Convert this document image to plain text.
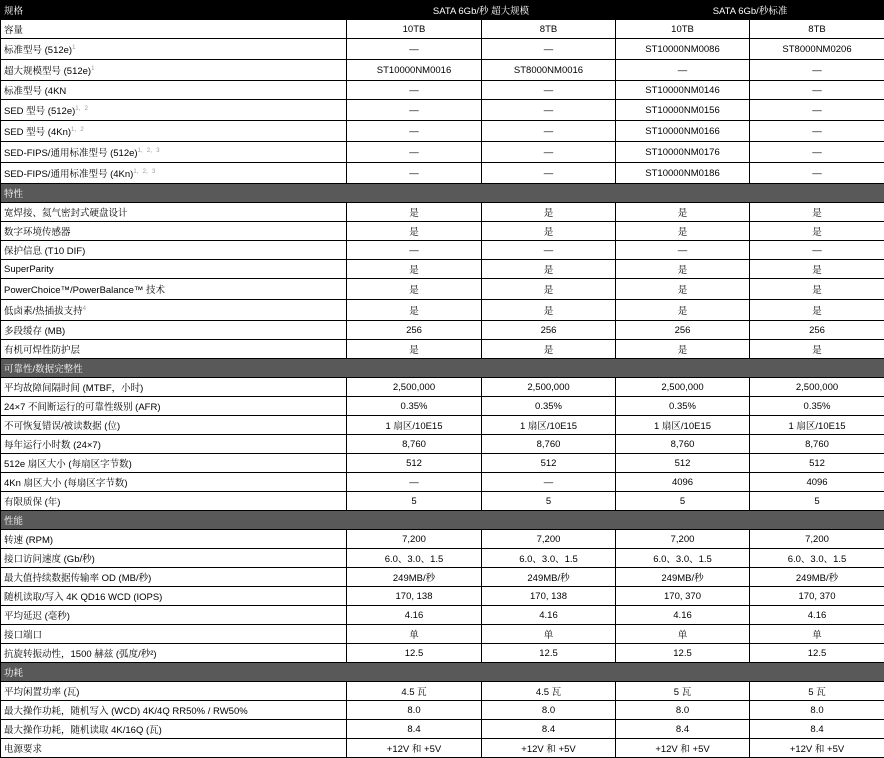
规格	SATA 6Gb/秒 超大规模		SATA 6Gb/秒标准	
容量	10TB	8TB	10TB	8TB
标准型号 $(512e)^1$	—	—	ST10000NM0086	ST8000NM0206
超大规模型号 $(512e)^1$	ST10000NM0016	ST8000NM0016	—	—
标准型号 (4KN	—	—	ST10000NM0146	—
SED 型号 $(512e)^{1,2}$	—	—	ST10000NM0156	—
SED 型号 $(4Kn)^{1,2}$	—	—	ST10000NM0166	—
SED-FIPS/通用标准型号 $(512e)^{1,2,3}$	—	—	ST10000NM0176	—
SED-FIPS/通用标准型号 $(4Kn)^{1,2,3}$	—	—	ST10000NM0186	—
特性				
宽焊接、氦气密封式硬盘设计	是	是	是	是
数字环境传感器	是	是	是	是
保护信息 (T10 DIF)	—	—	—	—
SuperParity	是	是	是	是
PowerChoice™/PowerBalance™ 技术	是	是	是	是
低卤素/热插拔支持$^4$	是	是	是	是
多段缓存 (MB)	256	256	256	256
有机可焊性防护层	是	是	是	是
可靠性/数据完整性				
平均故障间隔时间 (MTBF，小时)	2,500,000	2,500,000	2,500,000	2,500,000
24×7 不间断运行的可靠性级别 (AFR)	0.35%	0.35%	0.35%	0.35%
不可恢复错误/被读数据 (位)	1 扇区/10E15	1 扇区/10E15	1 扇区/10E15	1 扇区/10E15
每年运行小时数 (24×7)	8,760	8,760	8,760	8,760
512e 扇区大小 (每扇区字节数)	512	512	512	512
4Kn 扇区大小 (每扇区字节数)	—	—	4096	4096
有限质保 (年)	5	5	5	5
性能				
转速 (RPM)	7,200	7,200	7,200	7,200
接口访问速度 (Gb/秒)	6.0、3.0、1.5	6.0、3.0、1.5	6.0、3.0、1.5	6.0、3.0、1.5
最大值持续数据传输率 OD (MB/秒)	249MB/秒	249MB/秒	249MB/秒	249MB/秒
随机读取/写入 4K QD16 WCD (IOPS)	170, 138	170, 138	170, 370	170, 370
平均延迟 (毫秒)	4.16	4.16	4.16	4.16
接口端口	单	单	单	单
抗旋转振动性，1500 赫兹 (弧度/秒²)	12.5	12.5	12.5	12.5
功耗				
平均闲置功率 (瓦)	4.5 瓦	4.5 瓦	5 瓦	5 瓦
最大操作功耗，随机写入 (WCD) 4K/4Q RR50% / RW50%	8.0	8.0	8.0	8.0
最大操作功耗，随机读取 4K/16Q (瓦)	8.4	8.4	8.4	8.4
电源要求	+12V 和 +5V	+12V 和 +5V	+12V 和 +5V	+12V 和 +5V
